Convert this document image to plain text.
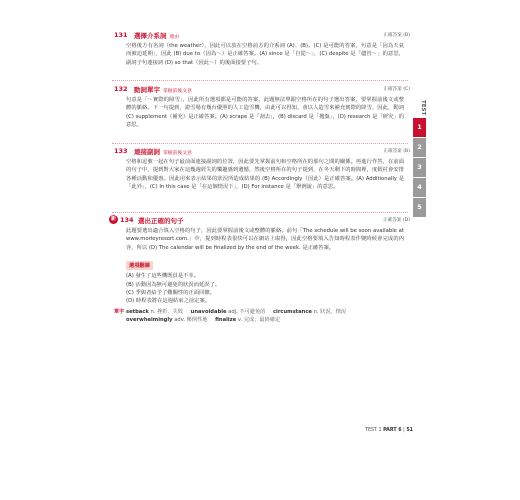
131 選擇介系詞 理由	正確答案 (B)
空格後方有名詞（the weather），因此可以放在空格前方的介系詞 (A)、(B)。(C) 是可能的答案，句意是「因為天氣而被迫延期」，因此 (B) due to（因為～）是正確答案。(A) since 是「自從～」，(C) despite 是「儘管～」的意思，副詞子句連接詞 (D) so that（因此～）的後面接要子句。
132 動詞單字 掌握前後文意	正確答案 (C)
句意是「～實際的障雪」，因此所有選項都是可能的答案。此題無法單跟空格所在的句子選出答案，要掌握前後文或整體的脈絡。下一句提到，證雪場有幾台優照的人工造雪機，由此可以得知，會以人造雪來補充實際的降雪，因此，動詞 (C) supplement（補充）是正確答案。(A) scrape 是「刮去」，(B) discard 是「拋棄」，(D) research 是「研究」的意思。
133 連接副詞 掌握前後文意	正確答案 (B)
空格和逗號一起在句子最前面連接副詞的位置，因此要先掌握前句和空格所在的那句之間的關係。再進行作答，在前面的句子中，提到對大家在這幾週經失的樂趣感到遺憾，然後空格所在的句子提到，在冬天剩下的時間裡，度假村會安排各種活動和優惠。因此用來表示結果的狀況所造成結果的 (B) Accordingly（因此）是正確答案。(A) Additionally 是「此外」，(C) In this case 是「在這個情況下」，(D) For instance 是「舉例說」的意思。
新 134 選出正確的句子	正確答案 (D)
此題要選出適合填入空格的句子，因此要掌握前後文或整體的脈絡。前句「The schedule will be soon available at www.morleyresort.com.」中，提到時程表很快可以在網站上取得，因此空格要填入告知時程表作變時候會完成的內容，所以 (D) The calendar will be finalized by the end of the week. 是正確答案。
選項翻譯
(A) 發生了這些機既員是不幸。
(B) 活動因為無可避免的狀況而延誤了。
(C) 季與者給予了難關性的正面回饋。
(D) 時程表將在這週結束之前定案。
單字 setback n. 挫折、失敗 unavoidable adj. 不可避免的 circumstance n. 狀況、情況
overwhelmingly adv. 壓倒性地 finalize v. 完成；最終確定
TEST
1
2
3
4
5
TEST 1 PART 6 | 51
